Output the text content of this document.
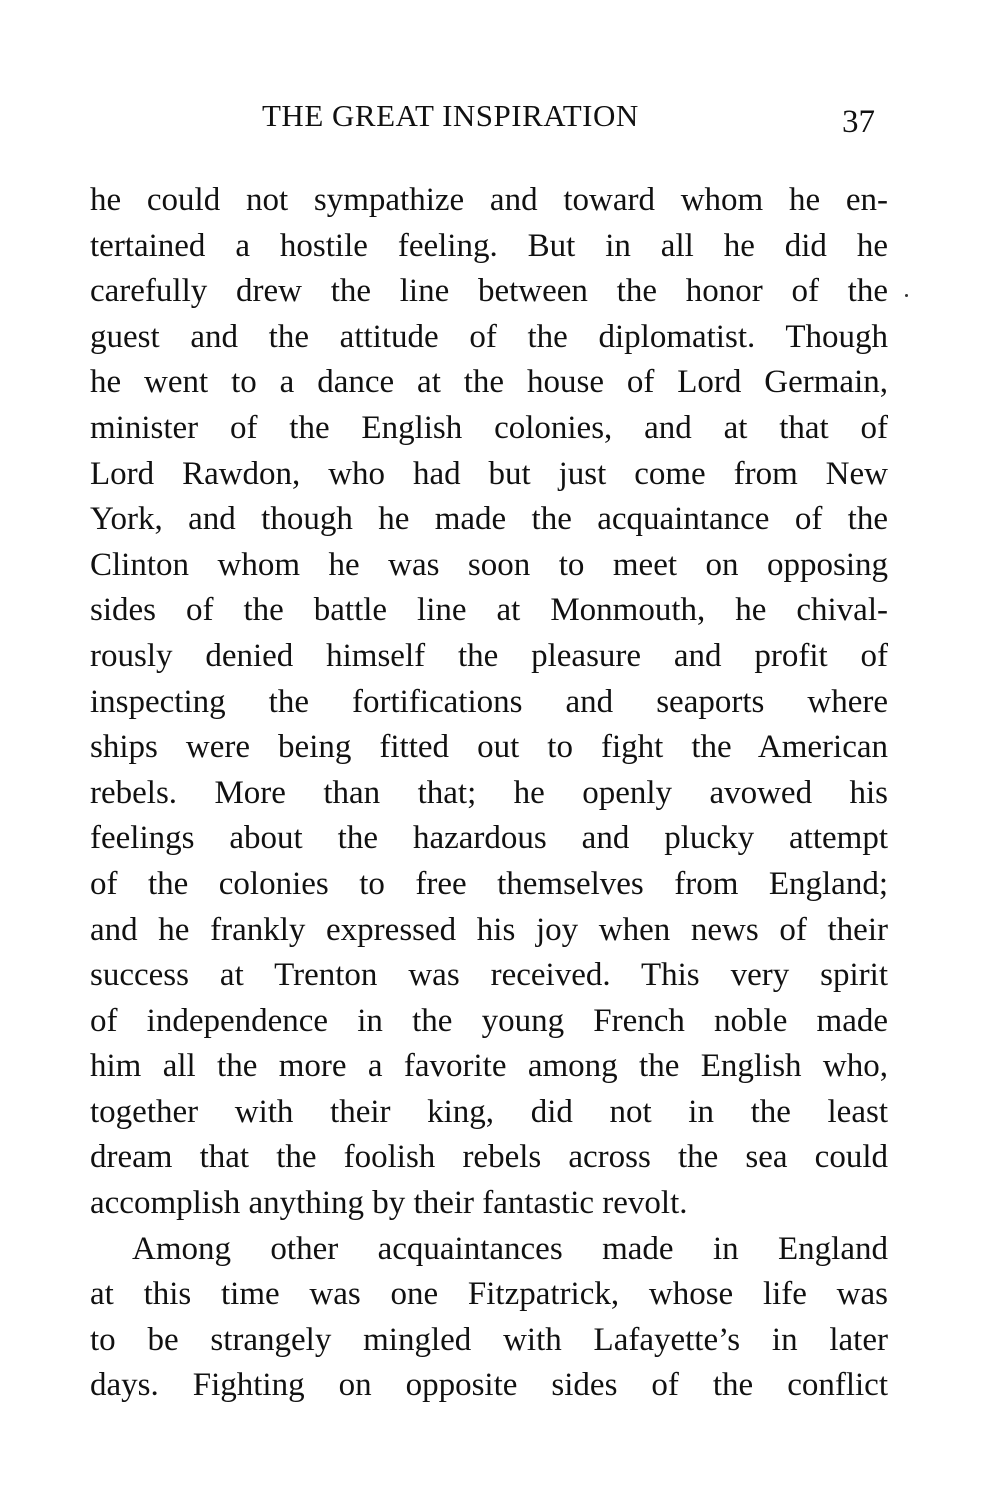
THE GREAT INSPIRATION	37
he could not sympathize and toward whom he en-
tertained a hostile feeling. But in all he did he
carefully drew the line between the honor of the
guest and the attitude of the diplomatist. Though
he went to a dance at the house of Lord Germain,
minister of the English colonies, and at that of
Lord Rawdon, who had but just come from New
York, and though he made the acquaintance of the
Clinton whom he was soon to meet on opposing
sides of the battle line at Monmouth, he chival-
rously denied himself the pleasure and profit of
inspecting the fortifications and seaports where
ships were being fitted out to fight the American
rebels. More than that; he openly avowed his
feelings about the hazardous and plucky attempt
of the colonies to free themselves from England;
and he frankly expressed his joy when news of their
success at Trenton was received. This very spirit
of independence in the young French noble made
him all the more a favorite among the English who,
together with their king, did not in the least
dream that the foolish rebels across the sea could
accomplish anything by their fantastic revolt.
Among other acquaintances made in England
at this time was one Fitzpatrick, whose life was
to be strangely mingled with Lafayette’s in later
days. Fighting on opposite sides of the conflict
